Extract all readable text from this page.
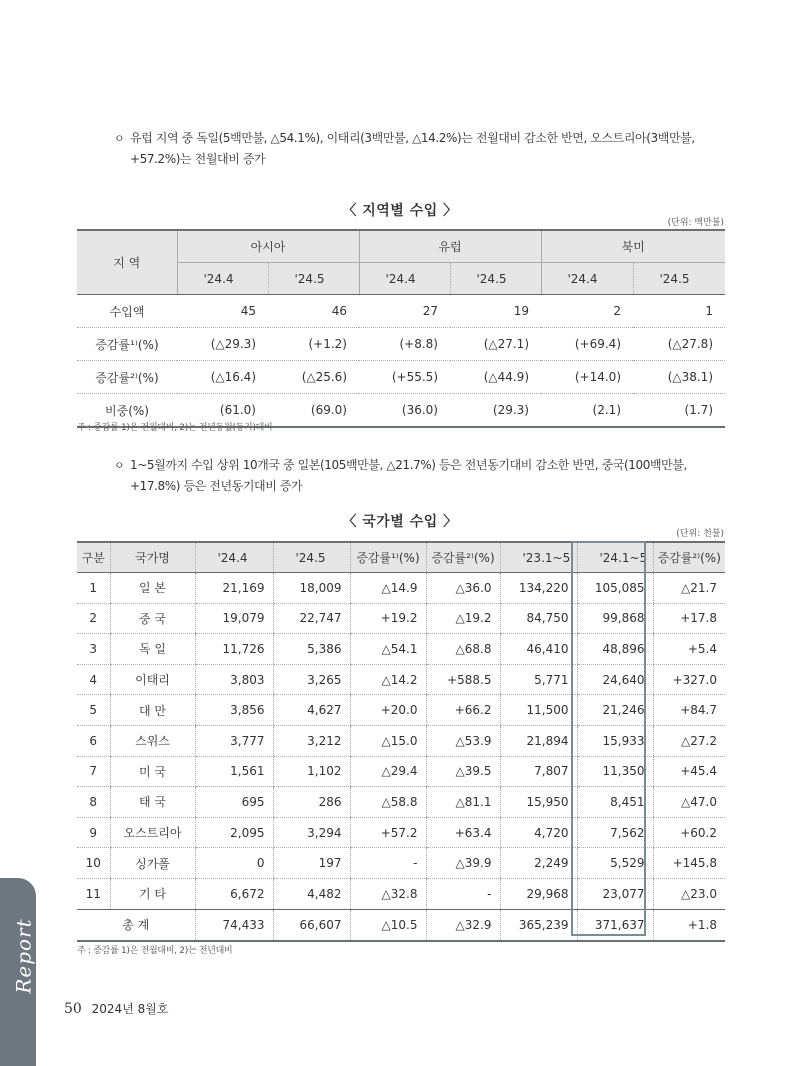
ㅇ 유럽 지역 중 독일(5백만불, △54.1%), 이태리(3백만불, △14.2%)는 전월대비 감소한 반면, 오스트리아(3백만불, +57.2%)는 전월대비 증가
〈 지역별 수입 〉
(단위: 백만불)
지 역	아시아		유럽		북미	
	'24.4	'24.5	'24.4	'24.5	'24.4	'24.5
수입액	45	46	27	19	2	1
증감률¹⁾(%)	(△29.3)	(+1.2)	(+8.8)	(△27.1)	(+69.4)	(△27.8)
증감률²⁾(%)	(△16.4)	(△25.6)	(+55.5)	(△44.9)	(+14.0)	(△38.1)
비중(%)	(61.0)	(69.0)	(36.0)	(29.3)	(2.1)	(1.7)
주 : 증감률 1)은 전월대비, 2)는 전년동월(동기)대비
ㅇ 1~5월까지 수입 상위 10개국 중 일본(105백만불, △21.7%) 등은 전년동기대비 감소한 반면, 중국(100백만불, +17.8%) 등은 전년동기대비 증가
〈 국가별 수입 〉
(단위: 천불)
구분	국가명	'24.4	'24.5	증감률¹⁾(%)	증감률²⁾(%)	'23.1~5	'24.1~5	증감률²⁾(%)
1	일 본	21,169	18,009	△14.9	△36.0	134,220	105,085	△21.7
2	중 국	19,079	22,747	+19.2	△19.2	84,750	99,868	+17.8
3	독 일	11,726	5,386	△54.1	△68.8	46,410	48,896	+5.4
4	이태리	3,803	3,265	△14.2	+588.5	5,771	24,640	+327.0
5	대 만	3,856	4,627	+20.0	+66.2	11,500	21,246	+84.7
6	스위스	3,777	3,212	△15.0	△53.9	21,894	15,933	△27.2
7	미 국	1,561	1,102	△29.4	△39.5	7,807	11,350	+45.4
8	태 국	695	286	△58.8	△81.1	15,950	8,451	△47.0
9	오스트리아	2,095	3,294	+57.2	+63.4	4,720	7,562	+60.2
10	싱가폴	0	197	-	△39.9	2,249	5,529	+145.8
11	기 타	6,672	4,482	△32.8	-	29,968	23,077	△23.0
총 계		74,433	66,607	△10.5	△32.9	365,239	371,637	+1.8
주 : 증감률 1)은 전월대비, 2)는 전년대비
Report
50 2024년 8월호
